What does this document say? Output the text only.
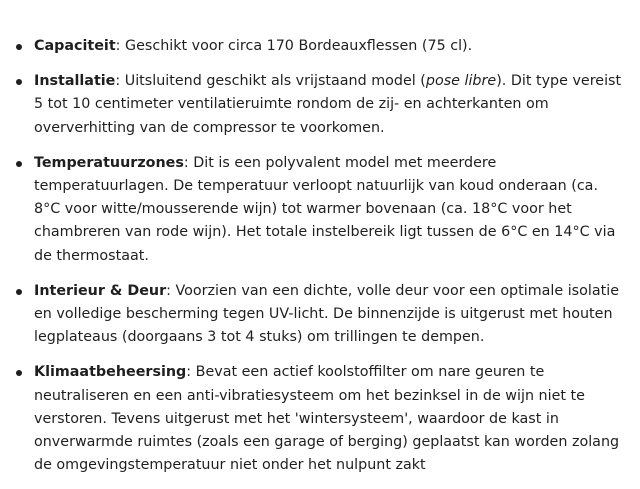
Capaciteit: Geschikt voor circa 170 Bordeauxflessen (75 cl).
Installatie: Uitsluitend geschikt als vrijstaand model (pose libre). Dit type vereist 5 tot 10 centimeter ventilatieruimte rondom de zij- en achterkanten om oververhitting van de compressor te voorkomen.
Temperatuurzones: Dit is een polyvalent model met meerdere temperatuurlagen. De temperatuur verloopt natuurlijk van koud onderaan (ca. 8°C voor witte/mousserende wijn) tot warmer bovenaan (ca. 18°C voor het chambreren van rode wijn). Het totale instelbereik ligt tussen de 6°C en 14°C via de thermostaat.
Interieur & Deur: Voorzien van een dichte, volle deur voor een optimale isolatie en volledige bescherming tegen UV-licht. De binnenzijde is uitgerust met houten legplateaus (doorgaans 3 tot 4 stuks) om trillingen te dempen.
Klimaatbeheersing: Bevat een actief koolstoffilter om nare geuren te neutraliseren en een anti-vibratiesysteem om het bezinksel in de wijn niet te verstoren. Tevens uitgerust met het 'wintersysteem', waardoor de kast in onverwarmde ruimtes (zoals een garage of berging) geplaatst kan worden zolang de omgevingstemperatuur niet onder het nulpunt zakt
